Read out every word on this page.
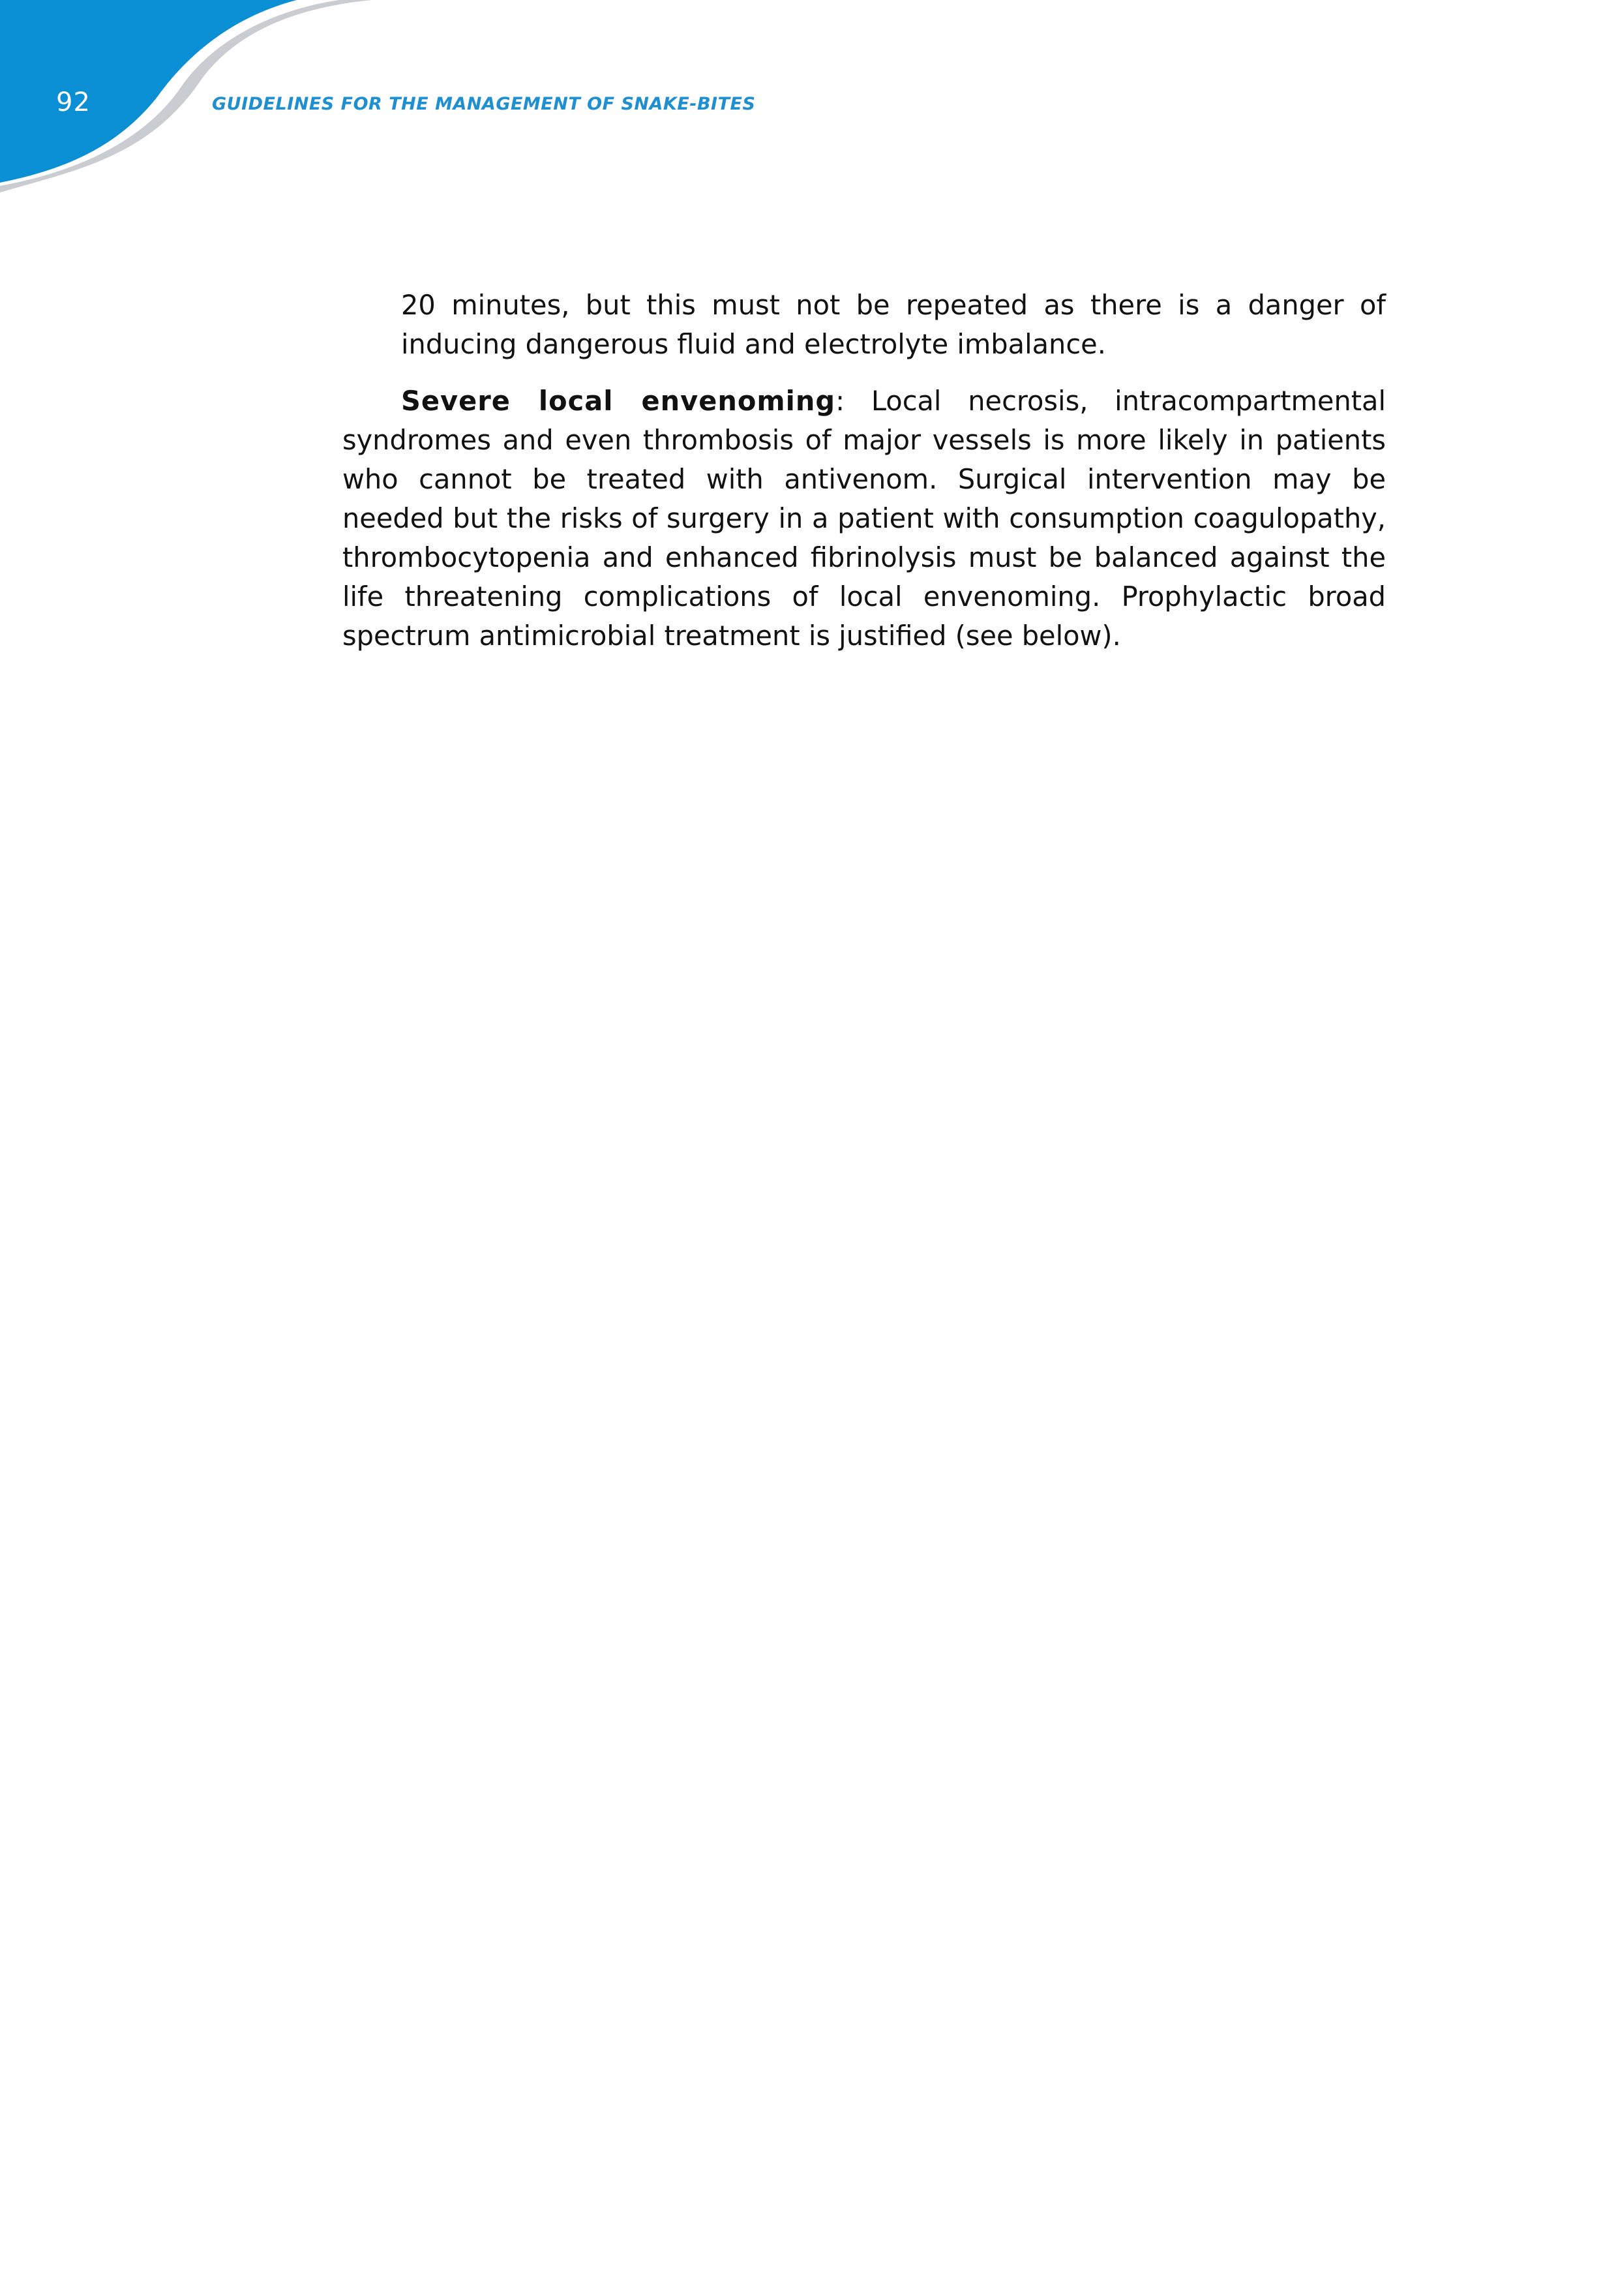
92	GUIDELINES FOR THE MANAGEMENT OF SNAKE-BITES

20 minutes, but this must not be repeated as there is a danger of inducing dangerous fluid and electrolyte imbalance.

Severe local envenoming: Local necrosis, intracompartmental syndromes and even thrombosis of major vessels is more likely in patients who cannot be treated with antivenom. Surgical intervention may be needed but the risks of surgery in a patient with consumption coagulopathy, thrombocytopenia and enhanced fibrinolysis must be balanced against the life threatening complications of local envenoming. Prophylactic broad spectrum antimicrobial treatment is justified (see below).
